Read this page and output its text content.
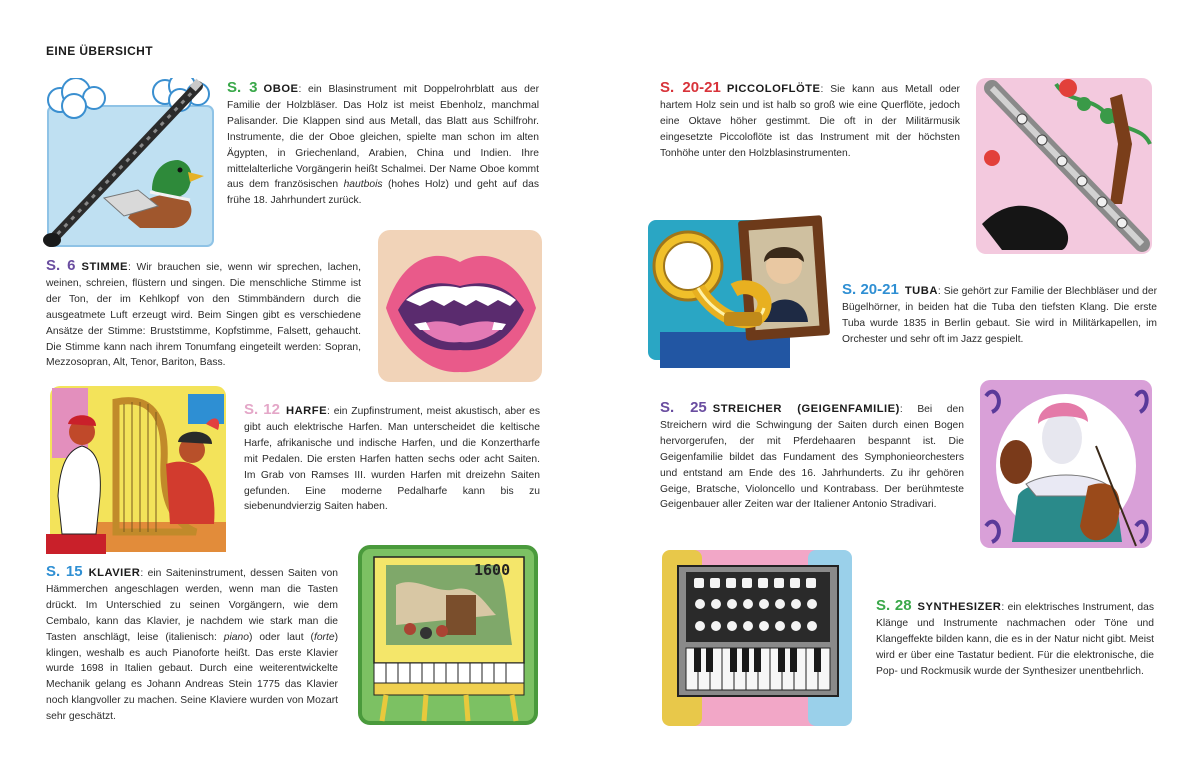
EINE ÜBERSICHT
S. 3 OBOE: ein Blasinstrument mit Doppelrohrblatt aus der Familie der Holzbläser. Das Holz ist meist Ebenholz, manchmal Palisander. Die Klappen sind aus Metall, das Blatt aus Schilfrohr. Instrumente, die der Oboe gleichen, spielte man schon im alten Ägypten, in Griechenland, Arabien, China und Indien. Ihre mittelalterliche Vorgängerin heißt Schalmei. Der Name Oboe kommt aus dem französischen hautbois (hohes Holz) und geht auf das frühe 18. Jahrhundert zurück.
S. 6 STIMME: Wir brauchen sie, wenn wir sprechen, lachen, weinen, schreien, flüstern und singen. Die menschliche Stimme ist der Ton, der im Kehlkopf von den Stimmbändern durch die ausgeatmete Luft erzeugt wird. Beim Singen gibt es verschiedene Ansätze der Stimme: Bruststimme, Kopfstimme, Falsett, gehaucht. Die Stimme kann nach ihrem Tonumfang eingeteilt werden: Sopran, Mezzosopran, Alt, Tenor, Bariton, Bass.
S. 12 HARFE: ein Zupfinstrument, meist akustisch, aber es gibt auch elektrische Harfen. Man unterscheidet die keltische Harfe, afrikanische und indische Harfen, und die Konzertharfe mit Pedalen. Die ersten Harfen hatten sechs oder acht Saiten. Im Grab von Ramses III. wurden Harfen mit dreizehn Saiten gefunden. Eine moderne Pedalharfe kann bis zu siebenundvierzig Saiten haben.
1600
S. 15 KLAVIER: ein Saiteninstrument, dessen Saiten von Hämmerchen angeschlagen werden, wenn man die Tasten drückt. Im Unterschied zu seinen Vorgängern, wie dem Cembalo, kann das Klavier, je nachdem wie stark man die Tasten anschlägt, leise (italienisch: piano) oder laut (forte) klingen, weshalb es auch Pianoforte heißt. Das erste Klavier wurde 1698 in Italien gebaut. Durch eine weiterentwickelte Mechanik gelang es Johann Andreas Stein 1775 das Klavier noch klangvoller zu machen. Seine Klaviere wurden von Mozart sehr geschätzt.
S. 20-21 PICCOLOFLÖTE: Sie kann aus Metall oder hartem Holz sein und ist halb so groß wie eine Querflöte, jedoch eine Oktave höher gestimmt. Die oft in der Militärmusik eingesetzte Piccoloflöte ist das Instrument mit der höchsten Tonhöhe unter den Holzblasinstrumenten.
S. 20-21 TUBA: Sie gehört zur Familie der Blechbläser und der Bügelhörner, in beiden hat die Tuba den tiefsten Klang. Die erste Tuba wurde 1835 in Berlin gebaut. Sie wird in Militärkapellen, im Orchester und sehr oft im Jazz gespielt.
S. 25 STREICHER (GEIGENFAMILIE): Bei den Streichern wird die Schwingung der Saiten durch einen Bogen hervorgerufen, der mit Pferdehaaren bespannt ist. Die Geigenfamilie bildet das Fundament des Symphonieorchesters und entstand am Ende des 16. Jahrhunderts. Zu ihr gehören Geige, Bratsche, Violoncello und Kontrabass. Der berühmteste Geigenbauer aller Zeiten war der Italiener Antonio Stradivari.
S. 28 SYNTHESIZER: ein elektrisches Instrument, das Klänge und Instrumente nachmachen oder Töne und Klangeffekte bilden kann, die es in der Natur nicht gibt. Meist wird er über eine Tastatur bedient. Für die elektronische, die Pop- und Rockmusik wurde der Synthesizer unentbehrlich.
